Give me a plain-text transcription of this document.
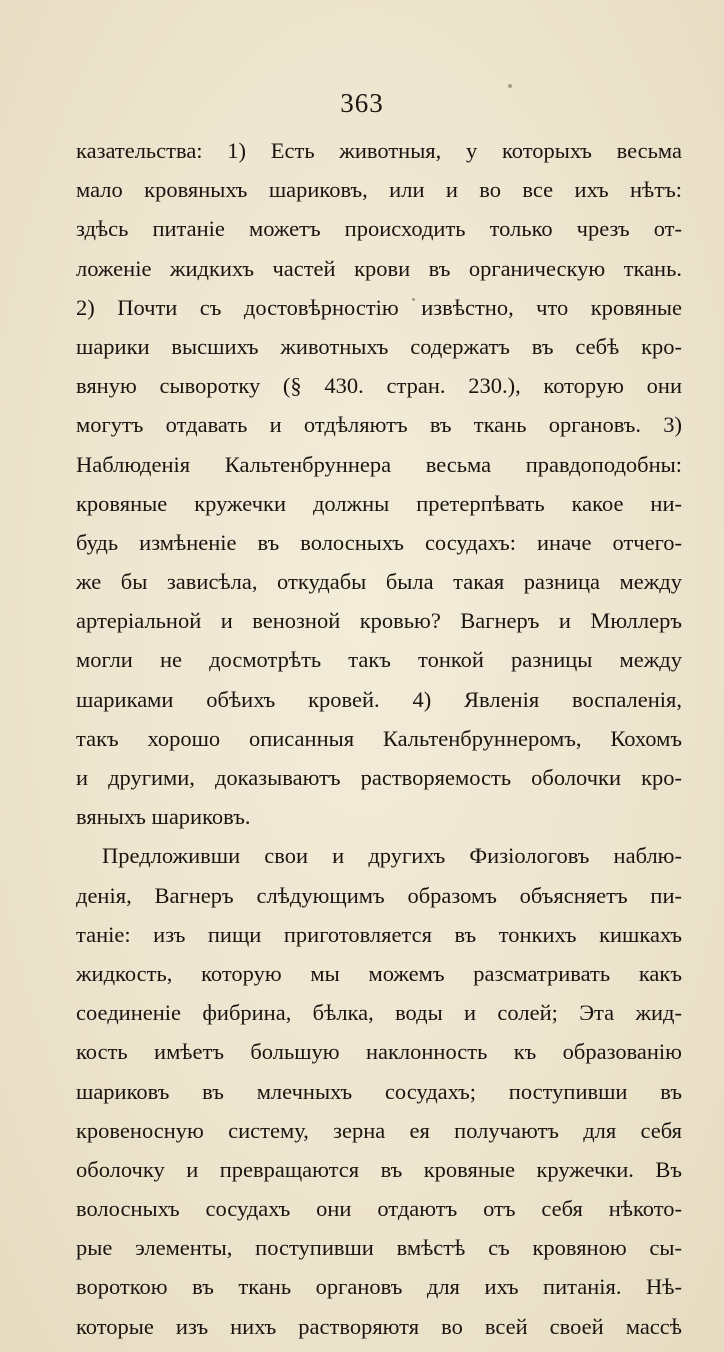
363
казательства: 1) Есть животныя, у которыхъ весьма
мало кровяныхъ шариковъ, или и во все ихъ нѣтъ:
здѣсь питаніе можетъ происходить только чрезъ от-
ложеніе жидкихъ частей крови въ органическую ткань.
2) Почти съ достовѣрностію извѣстно, что кровяные
шарики высшихъ животныхъ содержатъ въ себѣ кро-
вяную сыворотку (§ 430. стран. 230.), которую они
могутъ отдавать и отдѣляютъ въ ткань органовъ. 3)
Наблюденія Кальтенбруннера весьма правдоподобны:
кровяные кружечки должны претерпѣвать какое ни-
будь измѣненіе въ волосныхъ сосудахъ: иначе отчего-
же бы зависѣла, откудабы была такая разница между
артеріальной и венозной кровью? Вагнеръ и Мюллеръ
могли не досмотрѣть такъ тонкой разницы между
шариками обѣихъ кровей. 4) Явленія воспаленія,
такъ хорошо описанныя Кальтенбруннеромъ, Кохомъ
и другими, доказываютъ растворяемость оболочки кро-
вяныхъ шариковъ.
Предложивши свои и другихъ Физіологовъ наблю-
денія, Вагнеръ слѣдующимъ образомъ объясняетъ пи-
таніе: изъ пищи приготовляется въ тонкихъ кишкахъ
жидкость, которую мы можемъ разсматривать какъ
соединеніе фибрина, бѣлка, воды и солей; Эта жид-
кость имѣетъ большую наклонность къ образованію
шариковъ въ млечныхъ сосудахъ; поступивши въ
кровеносную систему, зерна ея получаютъ для себя
оболочку и превращаются въ кровяные кружечки. Въ
волосныхъ сосудахъ они отдаютъ отъ себя нѣкото-
рые элементы, поступивши вмѣстѣ съ кровяною сы-
вороткою въ ткань органовъ для ихъ питанія. Нѣ-
которые изъ нихъ растворяютя во всей своей массѣ
